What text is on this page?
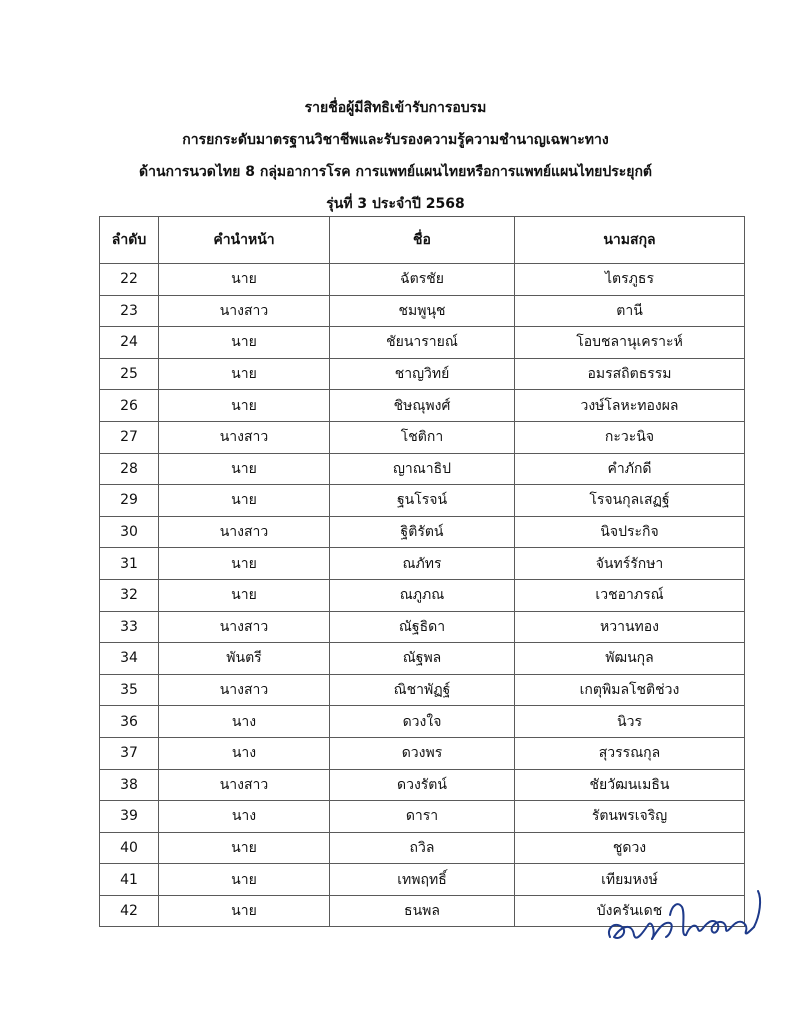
รายชื่อผู้มีสิทธิเข้ารับการอบรม
การยกระดับมาตรฐานวิชาชีพและรับรองความรู้ความชำนาญเฉพาะทาง
ด้านการนวดไทย 8 กลุ่มอาการโรค การแพทย์แผนไทยหรือการแพทย์แผนไทยประยุกต์
รุ่นที่ 3 ประจำปี 2568
ลำดับ	คำนำหน้า	ชื่อ	นามสกุล
22	นาย	ฉัตรชัย	ไตรภูธร
23	นางสาว	ชมพูนุช	ตานี
24	นาย	ชัยนารายณ์	โอบชลานุเคราะห์
25	นาย	ชาญวิทย์	อมรสถิตธรรม
26	นาย	ชิษณุพงศ์	วงษ์โลหะทองผล
27	นางสาว	โชติกา	กะวะนิจ
28	นาย	ญาณาธิป	คำภักดี
29	นาย	ฐนโรจน์	โรจนกุลเสฏฐ์
30	นางสาว	ฐิติรัตน์	นิจประกิจ
31	นาย	ณภัทร	จันทร์รักษา
32	นาย	ณภูภณ	เวชอาภรณ์
33	นางสาว	ณัฐธิดา	หวานทอง
34	พันตรี	ณัฐพล	พัฒนกุล
35	นางสาว	ณิชาพัฏฐ์	เกตุพิมลโชติช่วง
36	นาง	ดวงใจ	นิวร
37	นาง	ดวงพร	สุวรรณกุล
38	นางสาว	ดวงรัตน์	ชัยวัฒนเมธิน
39	นาง	ดารา	รัตนพรเจริญ
40	นาย	ถวิล	ชูดวง
41	นาย	เทพฤทธิ์	เทียมหงษ์
42	นาย	ธนพล	บังครันเดช
